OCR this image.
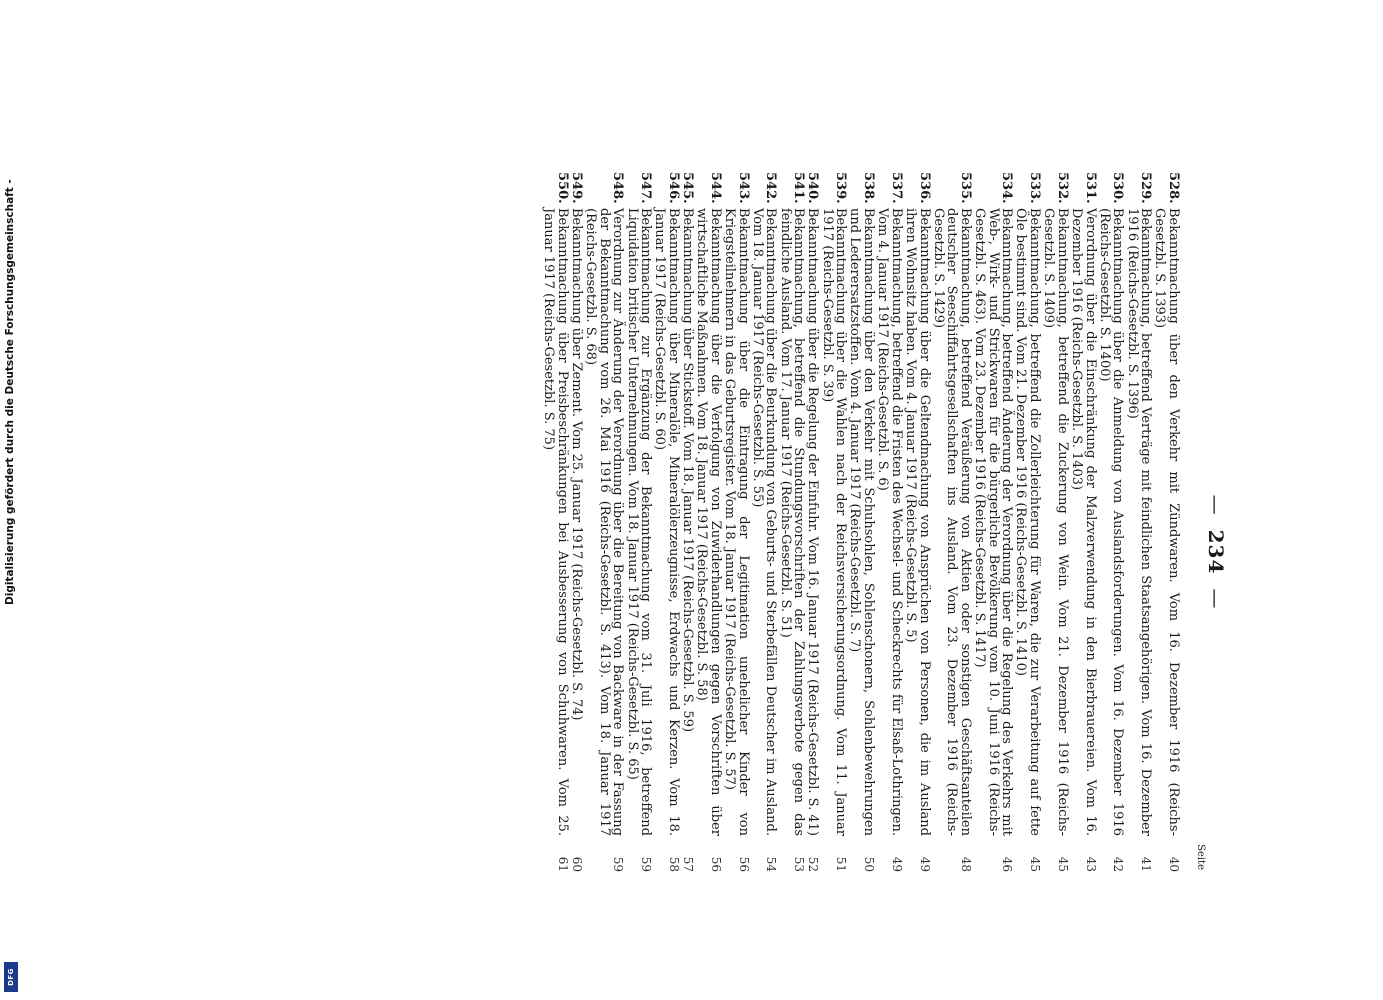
Digitalisierung gefördert durch die Deutsche Forschungsgemeinschaft -
DFG
—234—
Seite
528.
Bekanntmachung über den Verkehr mit Zündwaren. Vom 16. Dezember 1916 (Reichs-Gesetzbl. S. 1393)
40
529.
Bekanntmachung, betreffend Verträge mit feindlichen Staatsangehörigen. Vom 16. Dezember 1916 (Reichs-Gesetzbl. S. 1396)
41
530.
Bekanntmachung über die Anmeldung von Auslandsforderungen. Vom 16. Dezember 1916 (Reichs-Gesetzbl. S. 1400)
42
531.
Verordnung über die Einschränkung der Malzverwendung in den Bierbrauereien. Vom 16. Dezember 1916 (Reichs-Gesetzbl. S. 1403)
43
532.
Bekanntmachung, betreffend die Zuckerung von Wein. Vom 21. Dezember 1916 (Reichs-Gesetzbl. S. 1409)
45
533.
Bekanntmachung, betreffend die Zollerleichterung für Waren, die zur Verarbeitung auf fette Öle bestimmt sind. Vom 21. Dezember 1916 (Reichs-Gesetzbl. S. 1410)
45
534.
Bekanntmachung, betreffend Änderung der Verordnung über die Regelung des Verkehrs mit Web-, Wirk- und Strickwaren für die bürgerliche Bevölkerung vom 10. Juni 1916 (Reichs-Gesetzbl. S. 463). Vom 23. Dezember 1916 (Reichs-Gesetzbl. S. 1417)
46
535.
Bekanntmachung, betreffend Veräußerung von Aktien oder sonstigen Geschäftsanteilen deutscher Seeschiffahrtsgesellschaften ins Ausland. Vom 23. Dezember 1916 (Reichs-Gesetzbl. S. 1429)
48
536.
Bekanntmachung über die Geltendmachung von Ansprüchen von Personen, die im Ausland ihren Wohnsitz haben. Vom 4. Januar 1917 (Reichs-Gesetzbl. S. 5)
49
537.
Bekanntmachung, betreffend die Fristen des Wechsel- und Scheckrechts für Elsaß-Lothringen. Vom 4. Januar 1917 (Reichs-Gesetzbl. S. 6)
49
538.
Bekanntmachung über den Verkehr mit Schuhsohlen, Sohlenschonern, Sohlenbewehrungen und Lederersatzstoffen. Vom 4. Januar 1917 (Reichs-Gesetzbl. S. 7)
50
539.
Bekanntmachung über die Wahlen nach der Reichsversicherungsordnung. Vom 11. Januar 1917 (Reichs-Gesetzbl. S. 39)
51
540.
Bekanntmachung über die Regelung der Einfuhr. Vom 16. Januar 1917 (Reichs-Gesetzbl. S. 41)
52
541.
Bekanntmachung, betreffend die Stundungsvorschriften der Zahlungsverbote gegen das feindliche Ausland. Vom 17. Januar 1917 (Reichs-Gesetzbl. S. 51)
53
542.
Bekanntmachung über die Beurkundung von Geburts- und Sterbefällen Deutscher im Ausland. Vom 18. Januar 1917 (Reichs-Gesetzbl. S. 55)
54
543.
Bekanntmachung über die Eintragung der Legitimation unehelicher Kinder von Kriegsteilnehmern in das Geburtsregister. Vom 18. Januar 1917 (Reichs-Gesetzbl. S. 57)
56
544.
Bekanntmachung über die Verfolgung von Zuwiderhandlungen gegen Vorschriften über wirtschaftliche Maßnahmen. Vom 18. Januar 1917 (Reichs-Gesetzbl. S. 58)
56
545.
Bekanntmachung über Stickstoff. Vom 18. Januar 1917 (Reichs-Gesetzbl. S. 59)
57
546.
Bekanntmachung über Mineralöle, Mineralölerzeugnisse, Erdwachs und Kerzen. Vom 18. Januar 1917 (Reichs-Gesetzbl. S. 60)
58
547.
Bekanntmachung zur Ergänzung der Bekanntmachung vom 31. Juli 1916, betreffend Liquidation britischer Unternehmungen. Vom 18. Januar 1917 (Reichs-Gesetzbl. S. 65)
59
548.
Verordnung zur Änderung der Verordnung über die Bereitung von Backware in der Fassung der Bekanntmachung vom 26. Mai 1916 (Reichs-Gesetzbl. S. 413). Vom 18. Januar 1917 (Reichs-Gesetzbl. S. 68)
59
549.
Bekanntmachung über Zement. Vom 25. Januar 1917 (Reichs-Gesetzbl. S. 74)
60
550.
Bekanntmachung über Preisbeschränkungen bei Ausbesserung von Schuhwaren. Vom 25. Januar 1917 (Reichs-Gesetzbl. S. 75)
61
